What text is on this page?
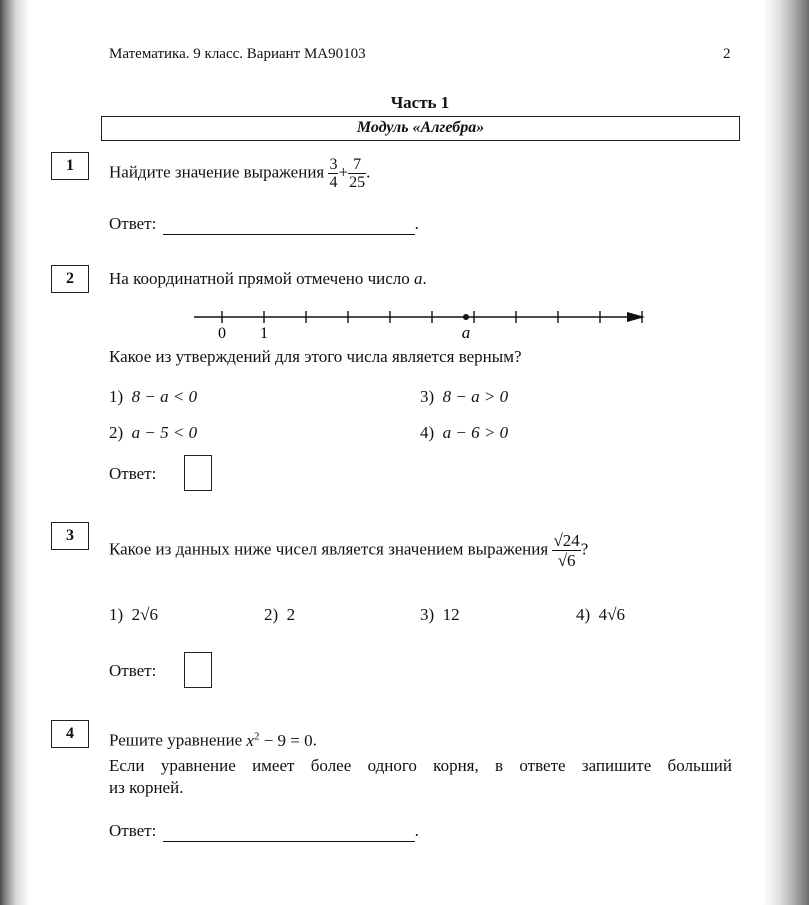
Математика. 9 класс. Вариант МА90103	2
Часть 1
Модуль «Алгебра»
1	Найдите значение выражения $\frac{3}{4} + \frac{7}{25}$ .
Ответ:	.
2	На координатной прямой отмечено число a.
0 1	a
Какое из утверждений для этого числа является верным?
1) 8 − a < 0
2) a − 5 < 0
3) 8 − a > 0
4) a − 6 > 0
Ответ:
3
Какое из данных ниже чисел является значением выражения $\frac{√24}{√6}$ ?
1) 2√6	2) 2	3) 12	4) 4√6
Ответ:
4	Решите уравнение $x^2 - 9 = 0$.
Если уравнение имеет более одного корня, в ответе запишите больший
из корней.
Ответ:	.
